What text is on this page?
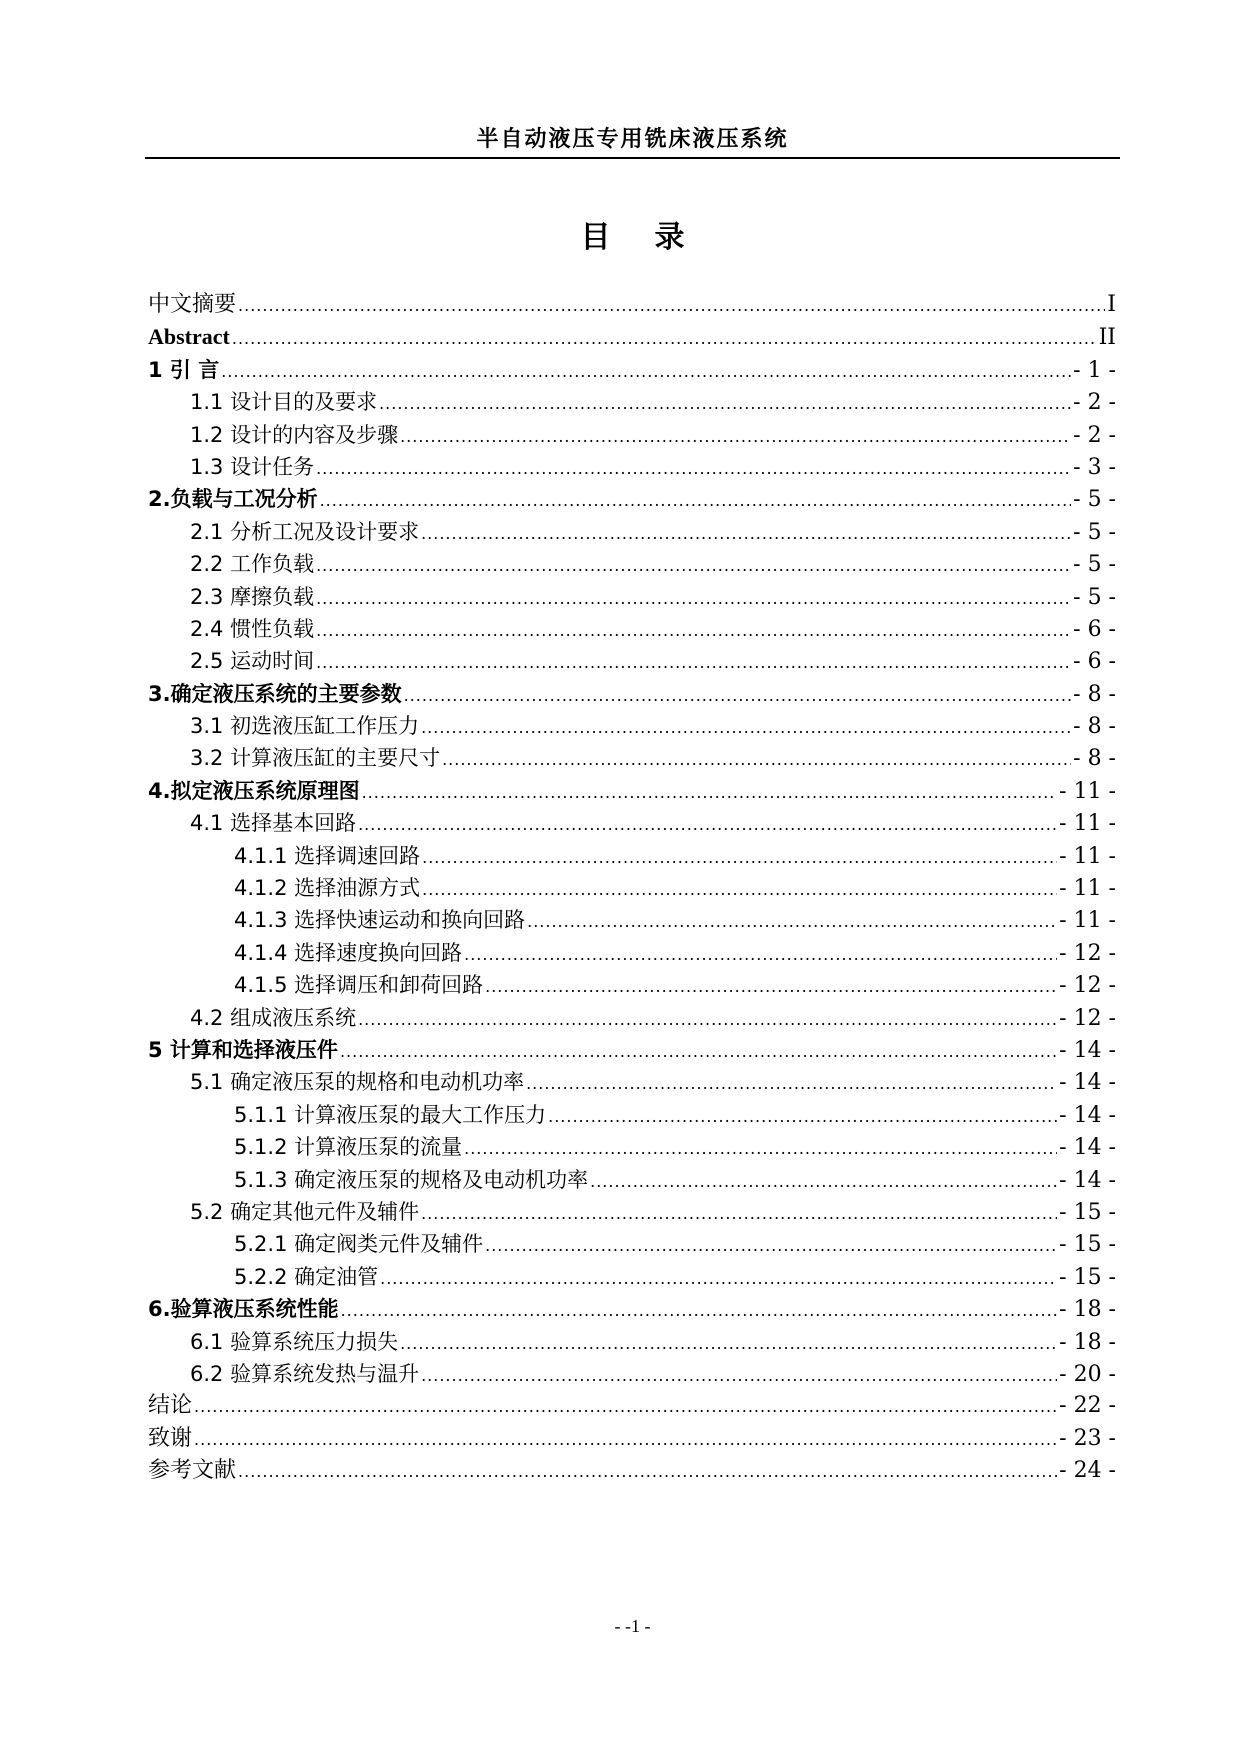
半自动液压专用铣床液压系统
目 录
中文摘要 .....	I
Abstract .....	II
1 引 言 .....	- 1 -
1.1 设计目的及要求 .....	- 2 -
1.2 设计的内容及步骤 .....	- 2 -
1.3 设计任务 .....	- 3 -
2.负载与工况分析 .....	- 5 -
2.1 分析工况及设计要求 .....	- 5 -
2.2 工作负载 .....	- 5 -
2.3 摩擦负载 .....	- 5 -
2.4 惯性负载 .....	- 6 -
2.5 运动时间 .....	- 6 -
3.确定液压系统的主要参数 .....	- 8 -
3.1 初选液压缸工作压力 .....	- 8 -
3.2 计算液压缸的主要尺寸 .....	- 8 -
4.拟定液压系统原理图 .....	- 11 -
4.1 选择基本回路 .....	- 11 -
4.1.1 选择调速回路 .....	- 11 -
4.1.2 选择油源方式 .....	- 11 -
4.1.3 选择快速运动和换向回路 .....	- 11 -
4.1.4 选择速度换向回路 .....	- 12 -
4.1.5 选择调压和卸荷回路 .....	- 12 -
4.2 组成液压系统 .....	- 12 -
5 计算和选择液压件 .....	- 14 -
5.1 确定液压泵的规格和电动机功率 .....	- 14 -
5.1.1 计算液压泵的最大工作压力 .....	- 14 -
5.1.2 计算液压泵的流量 .....	- 14 -
5.1.3 确定液压泵的规格及电动机功率 .....	- 14 -
5.2 确定其他元件及辅件 .....	- 15 -
5.2.1 确定阀类元件及辅件 .....	- 15 -
5.2.2 确定油管 .....	- 15 -
6.验算液压系统性能 .....	- 18 -
6.1 验算系统压力损失 .....	- 18 -
6.2 验算系统发热与温升 .....	- 20 -
结论 .....	- 22 -
致谢 .....	- 23 -
参考文献 .....	- 24 -
- -1 -
